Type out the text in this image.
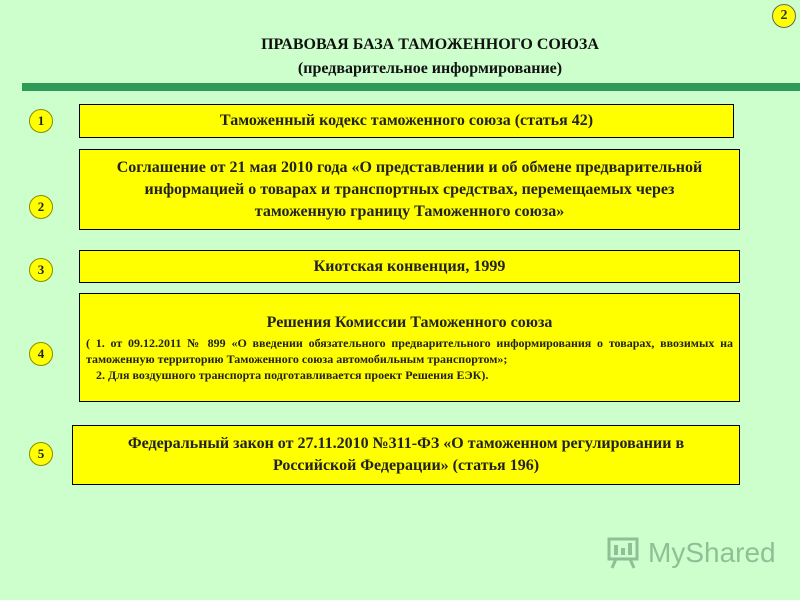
2
ПРАВОВАЯ БАЗА ТАМОЖЕННОГО СОЮЗА
(предварительное информирование)
1	Таможенный кодекс таможенного союза (статья 42)
2
Соглашение от 21 мая 2010 года «О представлении и об обмене предварительной информацией о товарах и транспортных средствах, перемещаемых через таможенную границу Таможенного союза»
3	Киотская конвенция, 1999
4
Решения Комиссии Таможенного союза
( 1. от 09.12.2011 № 899 «О введении обязательного предварительного информирования о товарах, ввозимых на таможенную территорию Таможенного союза автомобильным транспортом»;
2. Для воздушного транспорта подготавливается проект Решения ЕЭК).
5
Федеральный закон от 27.11.2010 №311-ФЗ «О таможенном регулировании в Российской Федерации» (статья 196)
MyShared
